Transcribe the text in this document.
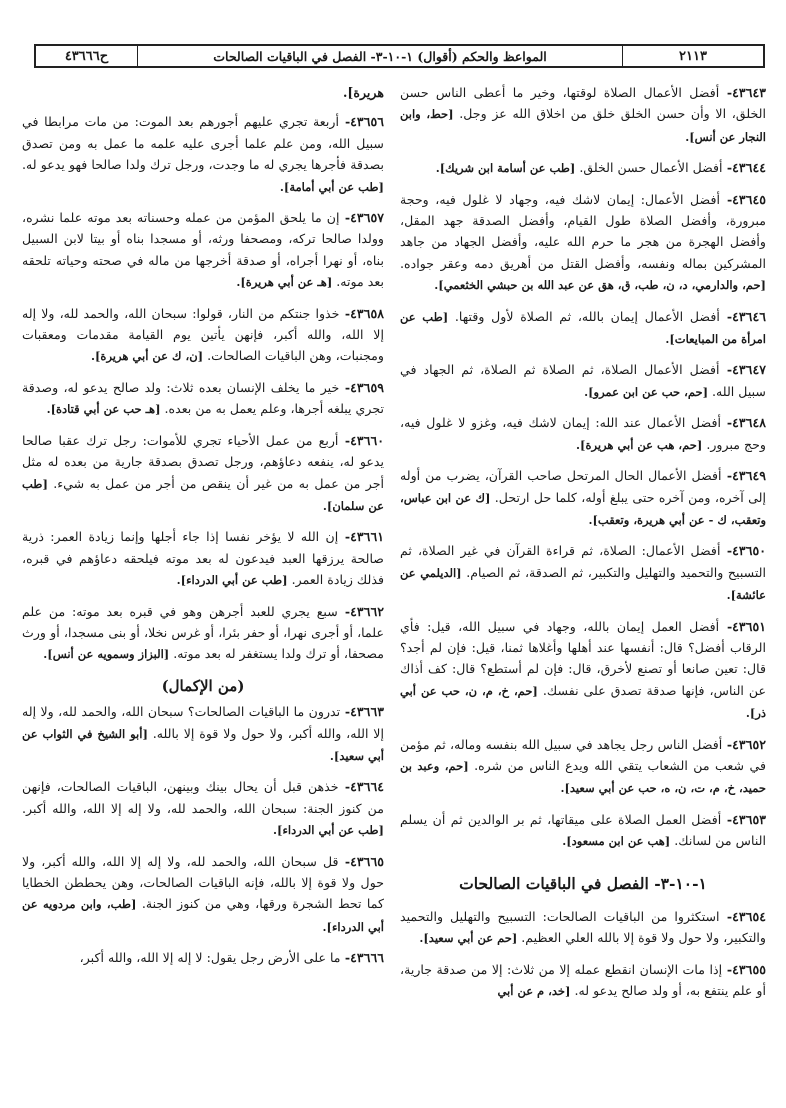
ح٤٣٦٦٦	المواعظ والحكم (أقوال) ١-١٠-٣- الفصل في الباقيات الصالحات	٢١١٣

٤٣٦٤٣- أفضل الأعمال الصلاة لوقتها، وخير ما أعطى الناس حسن الخلق، الا وأن حسن الخلق خلق من اخلاق الله عز وجل. [حط، وابن النجار عن أنس].

٤٣٦٤٤- أفضل الأعمال حسن الخلق. [طب عن أسامة ابن شريك].

٤٣٦٤٥- أفضل الأعمال: إيمان لاشك فيه، وجهاد لا غلول فيه، وحجة مبرورة، وأفضل الصلاة طول القيام، وأفضل الصدقة جهد المقل، وأفضل الهجرة من هجر ما حرم الله عليه، وأفضل الجهاد من جاهد المشركين بماله ونفسه، وأفضل القتل من أهريق دمه وعقر جواده. [حم، والدارمي، د، ن، طب، ق، هق عن عبد الله بن حبشي الخثعمي].

٤٣٦٤٦- أفضل الأعمال إيمان بالله، ثم الصلاة لأول وقتها. [طب عن امرأة من المبايعات].

٤٣٦٤٧- أفضل الأعمال الصلاة، ثم الصلاة ثم الصلاة، ثم الجهاد في سبيل الله. [حم، حب عن ابن عمرو].

٤٣٦٤٨- أفضل الأعمال عند الله: إيمان لاشك فيه، وغزو لا غلول فيه، وحج مبرور. [حم، هب عن أبي هريرة].

٤٣٦٤٩- أفضل الأعمال الحال المرتحل صاحب القرآن، يضرب من أوله إلى آخره، ومن آخره حتى يبلغ أوله، كلما حل ارتحل. [ك عن ابن عباس، وتعقب، ك - عن أبي هريرة، وتعقب].

٤٣٦٥٠- أفضل الأعمال: الصلاة، ثم قراءة القرآن في غير الصلاة، ثم التسبيح والتحميد والتهليل والتكبير، ثم الصدقة، ثم الصيام. [الديلمي عن عائشة].

٤٣٦٥١- أفضل العمل إيمان بالله، وجهاد في سبيل الله، قيل: فأي الرقاب أفضل؟ قال: أنفسها عند أهلها وأغلاها ثمنا، قيل: فإن لم أجد؟ قال: تعين صانعا أو تصنع لأخرق، قال: فإن لم أستطع؟ قال: كف أذاك عن الناس، فإنها صدقة تصدق على نفسك. [حم، خ، م، ن، حب عن أبي ذر].

٤٣٦٥٢- أفضل الناس رجل يجاهد في سبيل الله بنفسه وماله، ثم مؤمن في شعب من الشعاب يتقي الله ويدع الناس من شره. [حم، وعبد بن حميد، خ، م، ت، ن، ه، حب عن أبي سعيد].

٤٣٦٥٣- أفضل العمل الصلاة على ميقاتها، ثم بر الوالدين ثم أن يسلم الناس من لسانك. [هب عن ابن مسعود].

١-١٠-٣- الفصل في الباقيات الصالحات

٤٣٦٥٤- استكثروا من الباقيات الصالحات: التسبيح والتهليل والتحميد والتكبير، ولا حول ولا قوة إلا بالله العلي العظيم. [حم عن أبي سعيد].

٤٣٦٥٥- إذا مات الإنسان انقطع عمله إلا من ثلاث: إلا من صدقة جارية، أو علم ينتفع به، أو ولد صالح يدعو له. [خد، م عن أبي

هريرة].

٤٣٦٥٦- أربعة تجري عليهم أجورهم بعد الموت: من مات مرابطا في سبيل الله، ومن علم علما أجرى عليه علمه ما عمل به ومن تصدق بصدقة فأجرها يجري له ما وجدت، ورجل ترك ولدا صالحا فهو يدعو له. [طب عن أبي أمامة].

٤٣٦٥٧- إن ما يلحق المؤمن من عمله وحسناته بعد موته علما نشره، وولدا صالحا تركه، ومصحفا ورثه، أو مسجدا بناه أو بيتا لابن السبيل بناه، أو نهرا أجراه، أو صدقة أخرجها من ماله في صحته وحياته تلحقه بعد موته. [هـ عن أبي هريرة].

٤٣٦٥٨- خذوا جنتكم من النار، قولوا: سبحان الله، والحمد لله، ولا إله إلا الله، والله أكبر، فإنهن يأتين يوم القيامة مقدمات ومعقبات ومجنبات، وهن الباقيات الصالحات. [ن، ك عن أبي هريرة].

٤٣٦٥٩- خير ما يخلف الإنسان بعده ثلاث: ولد صالح يدعو له، وصدقة تجري يبلغه أجرها، وعلم يعمل به من بعده. [هـ حب عن أبي قتادة].

٤٣٦٦٠- أربع من عمل الأحياء تجري للأموات: رجل ترك عقبا صالحا يدعو له، ينفعه دعاؤهم، ورجل تصدق بصدقة جارية من بعده له مثل أجر من عمل به من غير أن ينقص من أجر من عمل به شيء. [طب عن سلمان].

٤٣٦٦١- إن الله لا يؤخر نفسا إذا جاء أجلها وإنما زيادة العمر: ذرية صالحة يرزقها العبد فيدعون له بعد موته فيلحقه دعاؤهم في قبره، فذلك زيادة العمر. [طب عن أبي الدرداء].

٤٣٦٦٢- سبع يجري للعبد أجرهن وهو في قبره بعد موته: من علم علما، أو أجرى نهرا، أو حفر بئرا، أو غرس نخلا، أو بنى مسجدا، أو ورث مصحفا، أو ترك ولدا يستغفر له بعد موته. [البزاز وسمويه عن أنس].

(من الإكمال)

٤٣٦٦٣- تدرون ما الباقيات الصالحات؟ سبحان الله، والحمد لله، ولا إله إلا الله، والله أكبر، ولا حول ولا قوة إلا بالله. [أبو الشيخ في الثواب عن أبي سعيد].

٤٣٦٦٤- خذهن قبل أن يحال بينك وبينهن، الباقيات الصالحات، فإنهن من كنوز الجنة: سبحان الله، والحمد لله، ولا إله إلا الله، والله أكبر. [طب عن أبي الدرداء].

٤٣٦٦٥- قل سبحان الله، والحمد لله، ولا إله إلا الله، والله أكبر، ولا حول ولا قوة إلا بالله، فإنه الباقيات الصالحات، وهن يحططن الخطايا كما تحط الشجرة ورقها، وهي من كنوز الجنة. [طب، وابن مردويه عن أبي الدرداء].

٤٣٦٦٦- ما على الأرض رجل يقول: لا إله إلا الله، والله أكبر،
